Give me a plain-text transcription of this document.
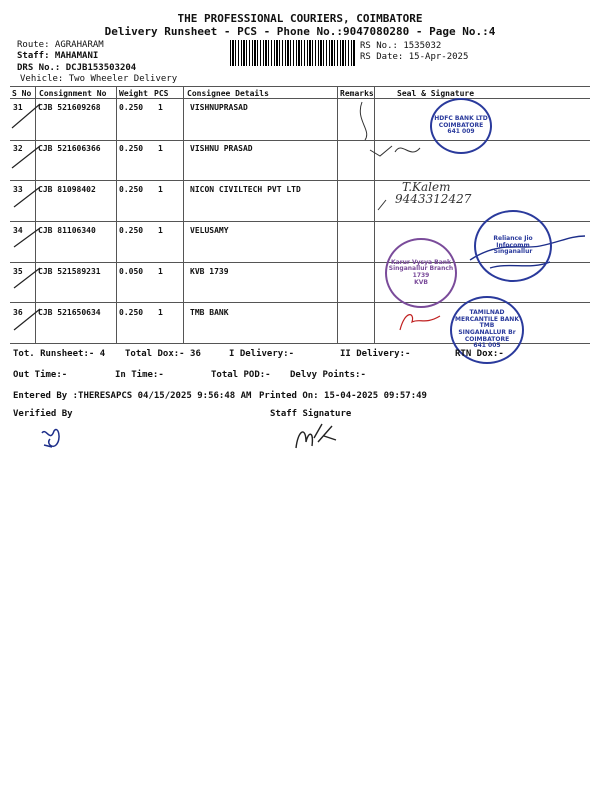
THE PROFESSIONAL COURIERS, COIMBATORE
Delivery Runsheet - PCS - Phone No.:9047080280 - Page No.:4
Route: AGRAHARAM
Staff: MAHAMANI
DRS No.: DCJB153503204
Vehicle: Two Wheeler Delivery
RS No.: 1535032
RS Date: 15-Apr-2025
S No Consignment No Weight PCS Consignee Details	Remarks	Seal & Signature
31 CJB 521609268 0.250 1	VISHNUPRASAD
32 CJB 521606366 0.250 1	VISHNU PRASAD
33 CJB 81098402	0.250 1	NICON CIVILTECH PVT LTD
34 CJB 81106340	0.250 1	VELUSAMY
35 CJB 521589231 0.050 1	KVB 1739
36 CJB 521650634 0.250 1	TMB BANK
T.Kalem
9443312427
HDFC BANK LTD
COIMBATORE
641 009
Reliance Jio Infocomm
Singanallur
Karur Vysya Bank
Singanallur Branch
1739
KVB
TAMILNAD MERCANTILE BANK
TMB
SINGANALLUR Br
COIMBATORE
641 005
Tot. Runsheet:- 4 Total Dox:- 36	I Delivery:-	II Delivery:-	RTN Dox:-
Out Time:-	In Time:-	Total POD:- Delvy Points:-
Entered By :THERESAPCS 04/15/2025 9:56:48 AM Printed On: 15-04-2025 09:57:49
Verified By	Staff Signature
